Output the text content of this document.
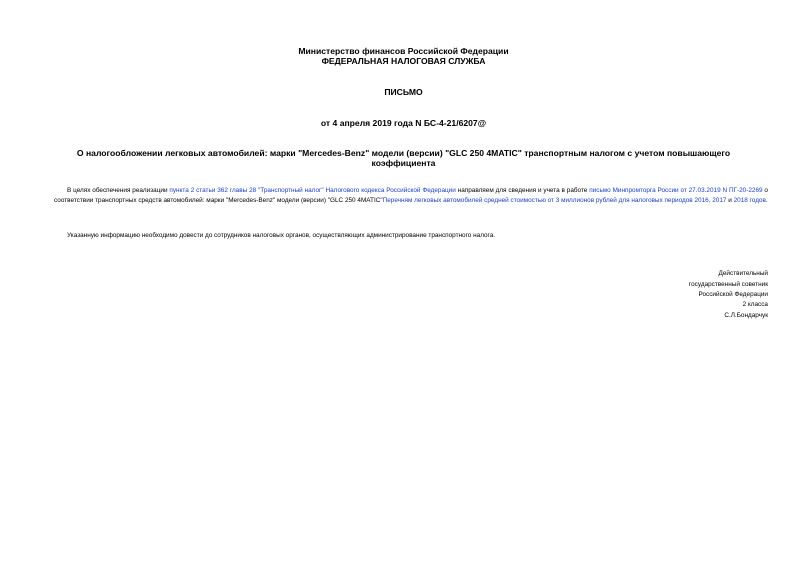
Министерство финансов Российской Федерации
ФЕДЕРАЛЬНАЯ НАЛОГОВАЯ СЛУЖБА
ПИСЬМО
от 4 апреля 2019 года N БС-4-21/6207@
О налогообложении легковых автомобилей: марки "Mercedes-Benz" модели (версии) "GLC 250 4MATIC" транспортным налогом с учетом повышающего
коэффициента
В целях обеспечения реализации пункта 2 статьи 362 главы 28 "Транспортный налог" Налогового кодекса Российской Федерации направляем для сведения и учета в работе письмо Минпромторга России от 27.03.2019 N ПГ-20-2269 о соответствии транспортных средств автомобилей: марки "Mercedes-Benz" модели (версии) "GLC 250 4MATIC"Перечням легковых автомобилей средней стоимостью от 3 миллионов рублей для налоговых периодов 2016, 2017 и 2018 годов.
Указанную информацию необходимо довести до сотрудников налоговых органов, осуществляющих администрирование транспортного налога.
Действительный
государственный советник
Российской Федерации
2 класса
С.Л.Бондарчук
